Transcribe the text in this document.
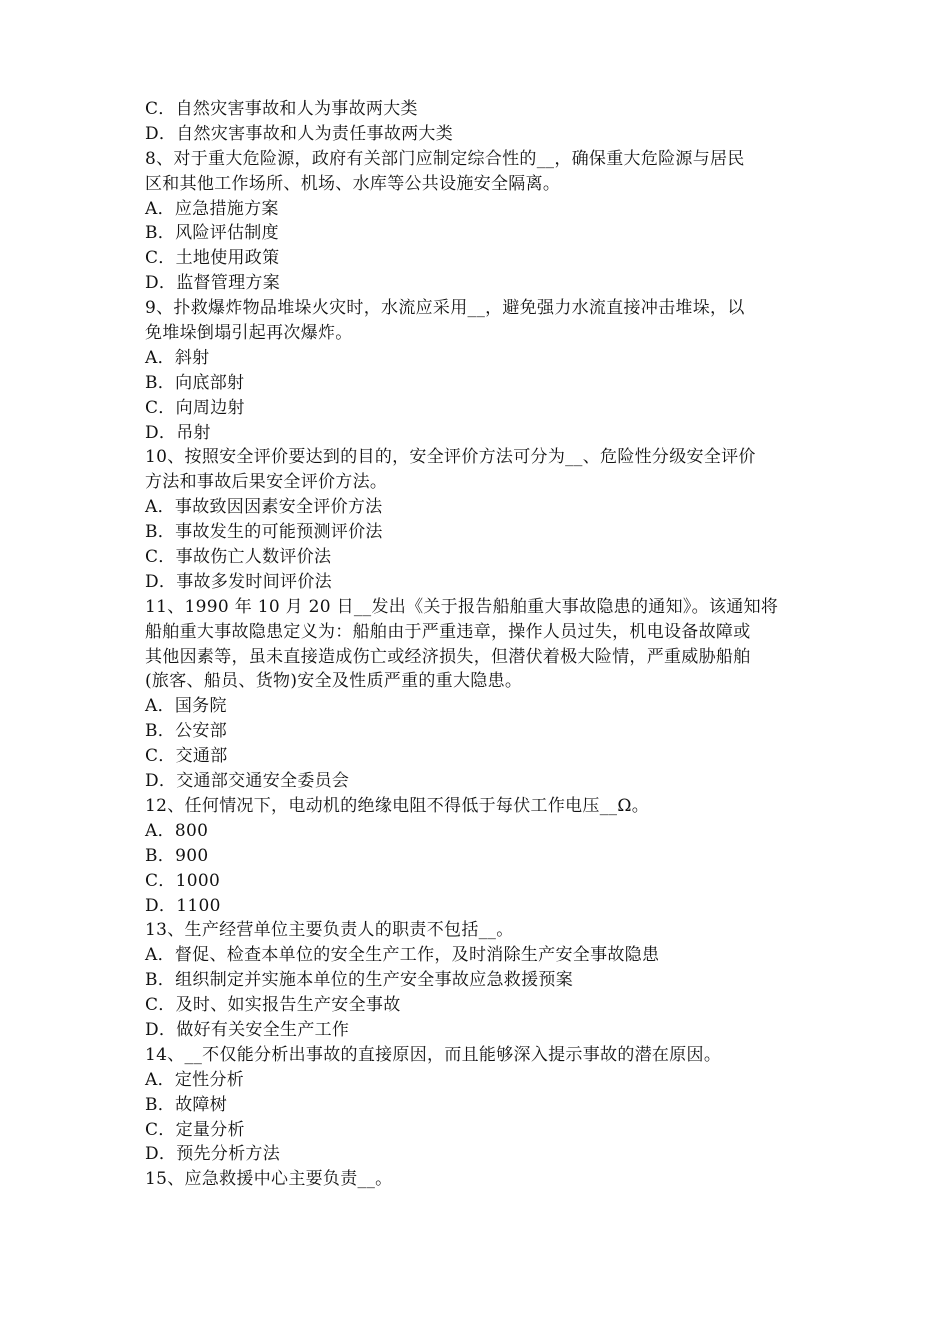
C．自然灾害事故和人为事故两大类
D．自然灾害事故和人为责任事故两大类
8、对于重大危险源，政府有关部门应制定综合性的__，确保重大危险源与居民
区和其他工作场所、机场、水库等公共设施安全隔离。
A．应急措施方案
B．风险评估制度
C．土地使用政策
D．监督管理方案
9、扑救爆炸物品堆垛火灾时，水流应采用__，避免强力水流直接冲击堆垛，以
免堆垛倒塌引起再次爆炸。
A．斜射
B．向底部射
C．向周边射
D．吊射
10、按照安全评价要达到的目的，安全评价方法可分为__、危险性分级安全评价
方法和事故后果安全评价方法。
A．事故致因因素安全评价方法
B．事故发生的可能预测评价法
C．事故伤亡人数评价法
D．事故多发时间评价法
11、1990 年 10 月 20 日__发出《关于报告船舶重大事故隐患的通知》。该通知将
船舶重大事故隐患定义为：船舶由于严重违章，操作人员过失，机电设备故障或
其他因素等，虽未直接造成伤亡或经济损失，但潜伏着极大险情，严重威胁船舶
(旅客、船员、货物)安全及性质严重的重大隐患。
A．国务院
B．公安部
C．交通部
D．交通部交通安全委员会
12、任何情况下，电动机的绝缘电阻不得低于每伏工作电压__Ω。
A．800
B．900
C．1000
D．1100
13、生产经营单位主要负责人的职责不包括__。
A．督促、检查本单位的安全生产工作，及时消除生产安全事故隐患
B．组织制定并实施本单位的生产安全事故应急救援预案
C．及时、如实报告生产安全事故
D．做好有关安全生产工作
14、__不仅能分析出事故的直接原因，而且能够深入提示事故的潜在原因。
A．定性分析
B．故障树
C．定量分析
D．预先分析方法
15、应急救援中心主要负责__。
